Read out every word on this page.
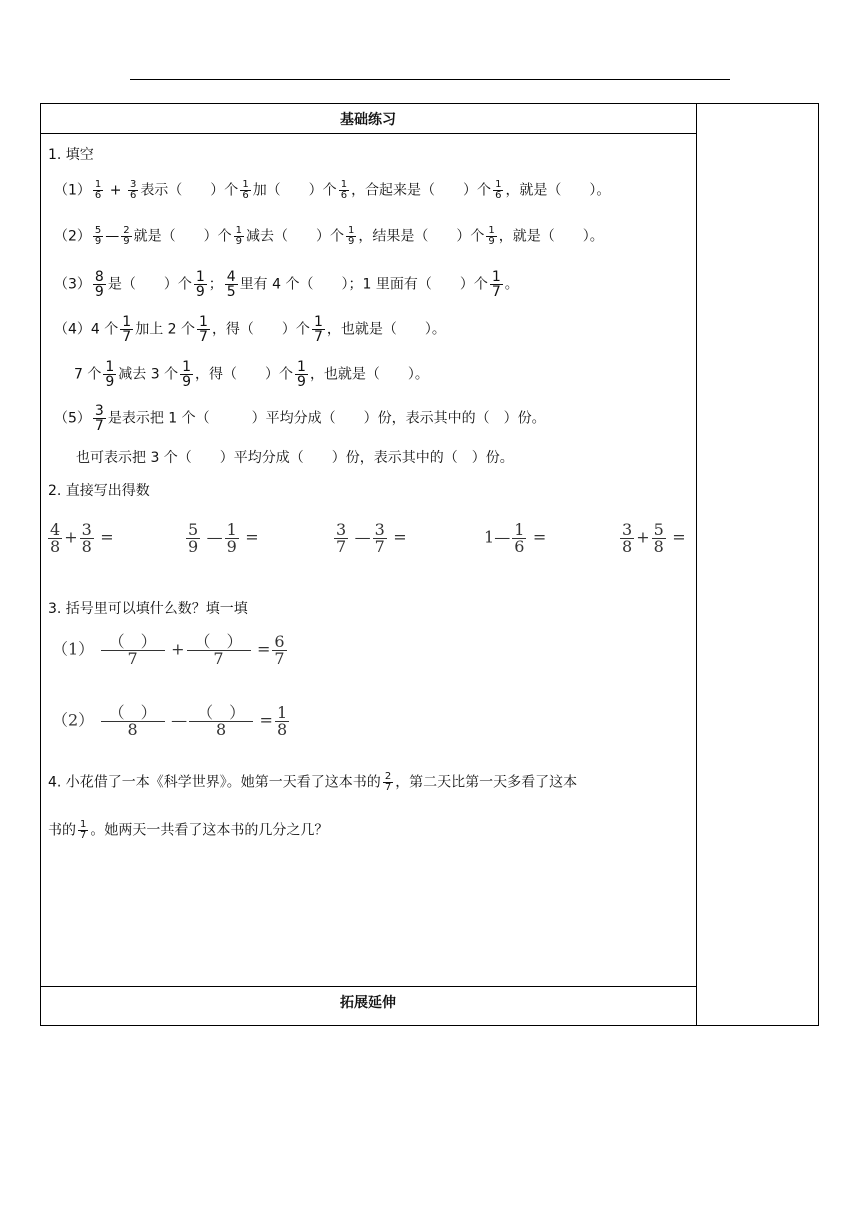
基础练习
拓展延伸
1. 填空
$(1) \frac{1}{6} + \frac{3}{6}$ 表示（　　）个 $\frac{1}{6}$ 加（　　）个 $\frac{1}{6}$ ，合起来是（　　）个 $\frac{1}{6}$ ，就是（　　）。
$(2) \frac{5}{9}$ — $\frac{2}{9}$ 就是（　　）个 $\frac{1}{9}$ 减去（　　）个 $\frac{1}{9}$ ，结果是（　　）个 $\frac{1}{9}$ ，就是（　　）。
$(3) \frac{8}{9}$ 是（　　）个 $\frac{1}{9}$ ； $\frac{4}{5}$ 里有 4 个（　　）；1 里面有（　　）个 $\frac{1}{7}$ 。
（4）4 个 $\frac{1}{7}$ 加上 2 个 $\frac{1}{7}$ ，得（　　）个 $\frac{1}{7}$ ，也就是（　　）。
7 个 $\frac{1}{9}$ 减去 3 个 $\frac{1}{9}$ ，得（　　）个 $\frac{1}{9}$ ，也就是（　　）。
$(5) \frac{3}{7}$ 是表示把 1 个（　　　）平均分成（　　）份，表示其中的（　）份。
也可表示把 3 个（　　）平均分成（　　）份，表示其中的（　）份。
2. 直接写出得数
$\frac{4}{8} + \frac{3}{8}$ =	$\frac{5}{9}$ — $\frac{1}{9}$ =	$\frac{3}{7}$ — $\frac{3}{7}$ =	1— $\frac{1}{6}$ =	$\frac{3}{8} + \frac{5}{8}$ =
3. 括号里可以填什么数？填一填
$(1) \frac{( )}{7} + \frac{( )}{7} = \frac{6}{7}$
$(2) \frac{( )}{8}$ — $\frac{( )}{8} = \frac{1}{8}$
4. 小花借了一本《科学世界》。她第一天看了这本书的 $\frac{2}{7}$ ，第二天比第一天多看了这本
书的 $\frac{1}{7}$ 。她两天一共看了这本书的几分之几？
